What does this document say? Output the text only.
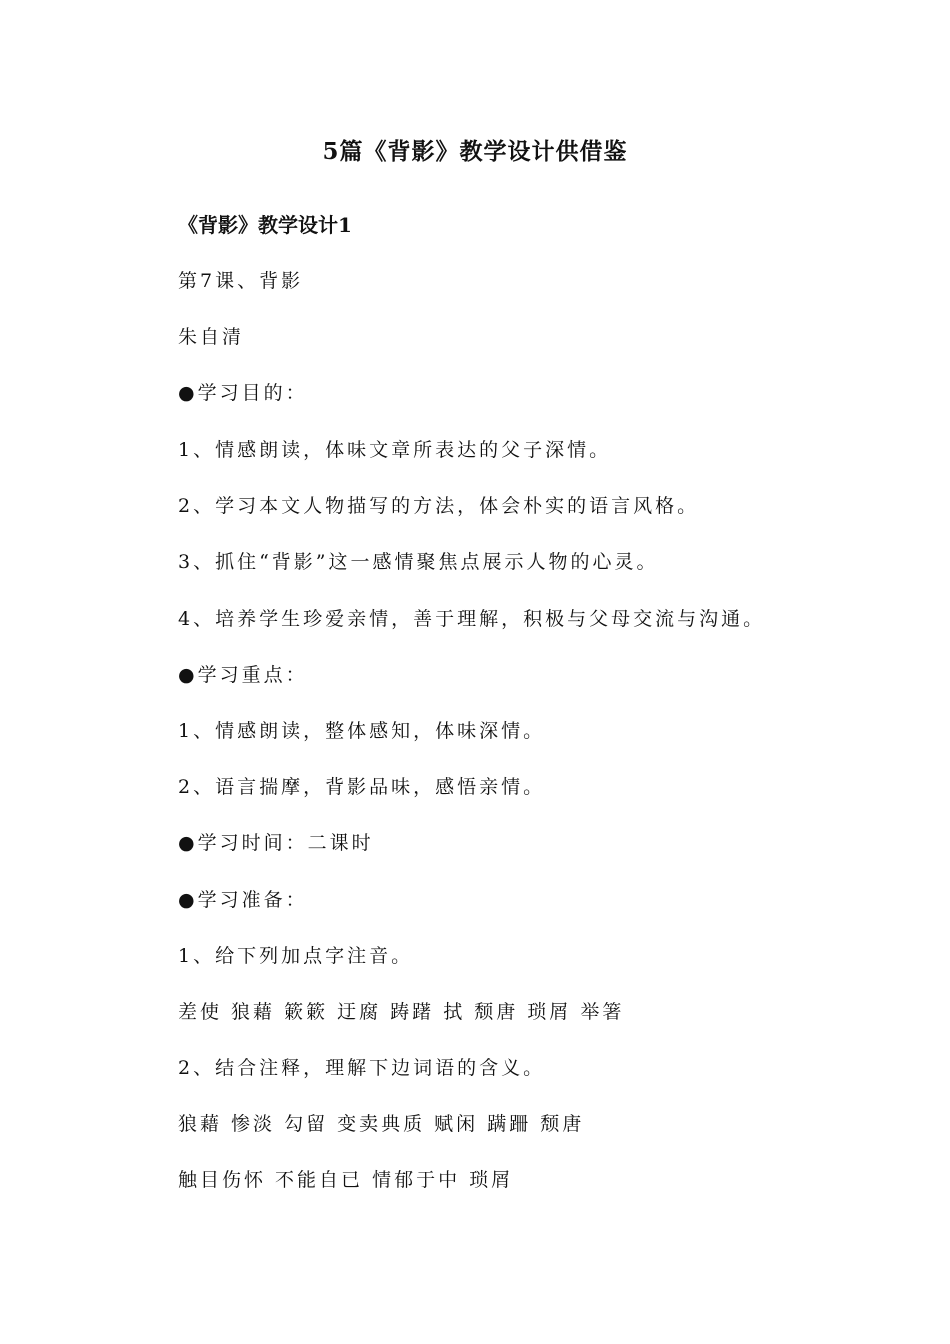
5篇《背影》教学设计供借鉴
《背影》教学设计1
第7课、背影
朱自清
●学习目的：
1、情感朗读，体味文章所表达的父子深情。
2、学习本文人物描写的方法，体会朴实的语言风格。
3、抓住“背影”这一感情聚焦点展示人物的心灵。
4、培养学生珍爱亲情，善于理解，积极与父母交流与沟通。
●学习重点：
1、情感朗读，整体感知，体味深情。
2、语言揣摩，背影品味，感悟亲情。
●学习时间：二课时
●学习准备：
1、给下列加点字注音。
差使 狼藉 簌簌 迂腐 踌躇 拭 颓唐 琐屑 举箸
2、结合注释，理解下边词语的含义。
狼藉 惨淡 勾留 变卖典质 赋闲 蹒跚 颓唐
触目伤怀 不能自已 情郁于中 琐屑
